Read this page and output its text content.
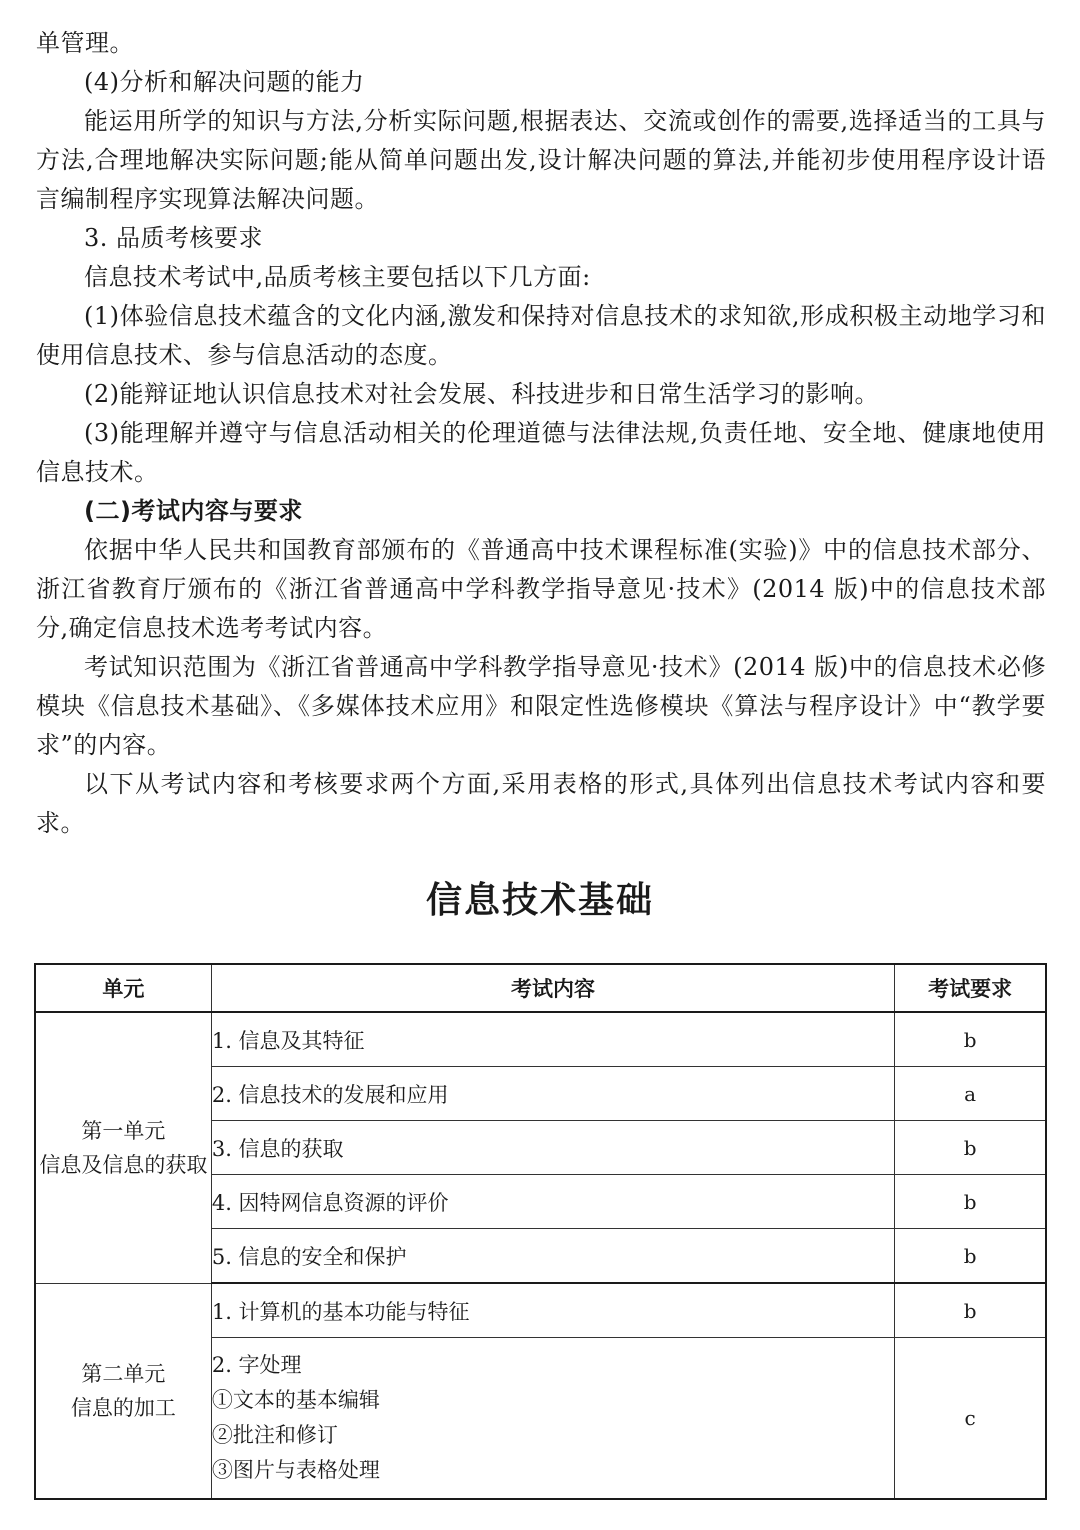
单管理。

(4)分析和解决问题的能力

能运用所学的知识与方法,分析实际问题,根据表达、交流或创作的需要,选择适当的工具与方法,合理地解决实际问题;能从简单问题出发,设计解决问题的算法,并能初步使用程序设计语言编制程序实现算法解决问题。

3. 品质考核要求

信息技术考试中,品质考核主要包括以下几方面:

(1)体验信息技术蕴含的文化内涵,激发和保持对信息技术的求知欲,形成积极主动地学习和使用信息技术、参与信息活动的态度。

(2)能辩证地认识信息技术对社会发展、科技进步和日常生活学习的影响。

(3)能理解并遵守与信息活动相关的伦理道德与法律法规,负责任地、安全地、健康地使用信息技术。

(二)考试内容与要求

依据中华人民共和国教育部颁布的《普通高中技术课程标准(实验)》中的信息技术部分、浙江省教育厅颁布的《浙江省普通高中学科教学指导意见·技术》(2014 版)中的信息技术部分,确定信息技术选考考试内容。

考试知识范围为《浙江省普通高中学科教学指导意见·技术》(2014 版)中的信息技术必修模块《信息技术基础》、《多媒体技术应用》和限定性选修模块《算法与程序设计》中“教学要求”的内容。

以下从考试内容和考核要求两个方面,采用表格的形式,具体列出信息技术考试内容和要求。

信息技术基础
单元	考试内容	考试要求

第一单元
信息及信息的获取	1. 信息及其特征	b
	2. 信息技术的发展和应用	a
	3. 信息的获取	b
	4. 因特网信息资源的评价	b
	5. 信息的安全和保护	b

第二单元
信息的加工	1. 计算机的基本功能与特征	b

	2. 字处理
①文本的基本编辑
②批注和修订
③图片与表格处理	c
